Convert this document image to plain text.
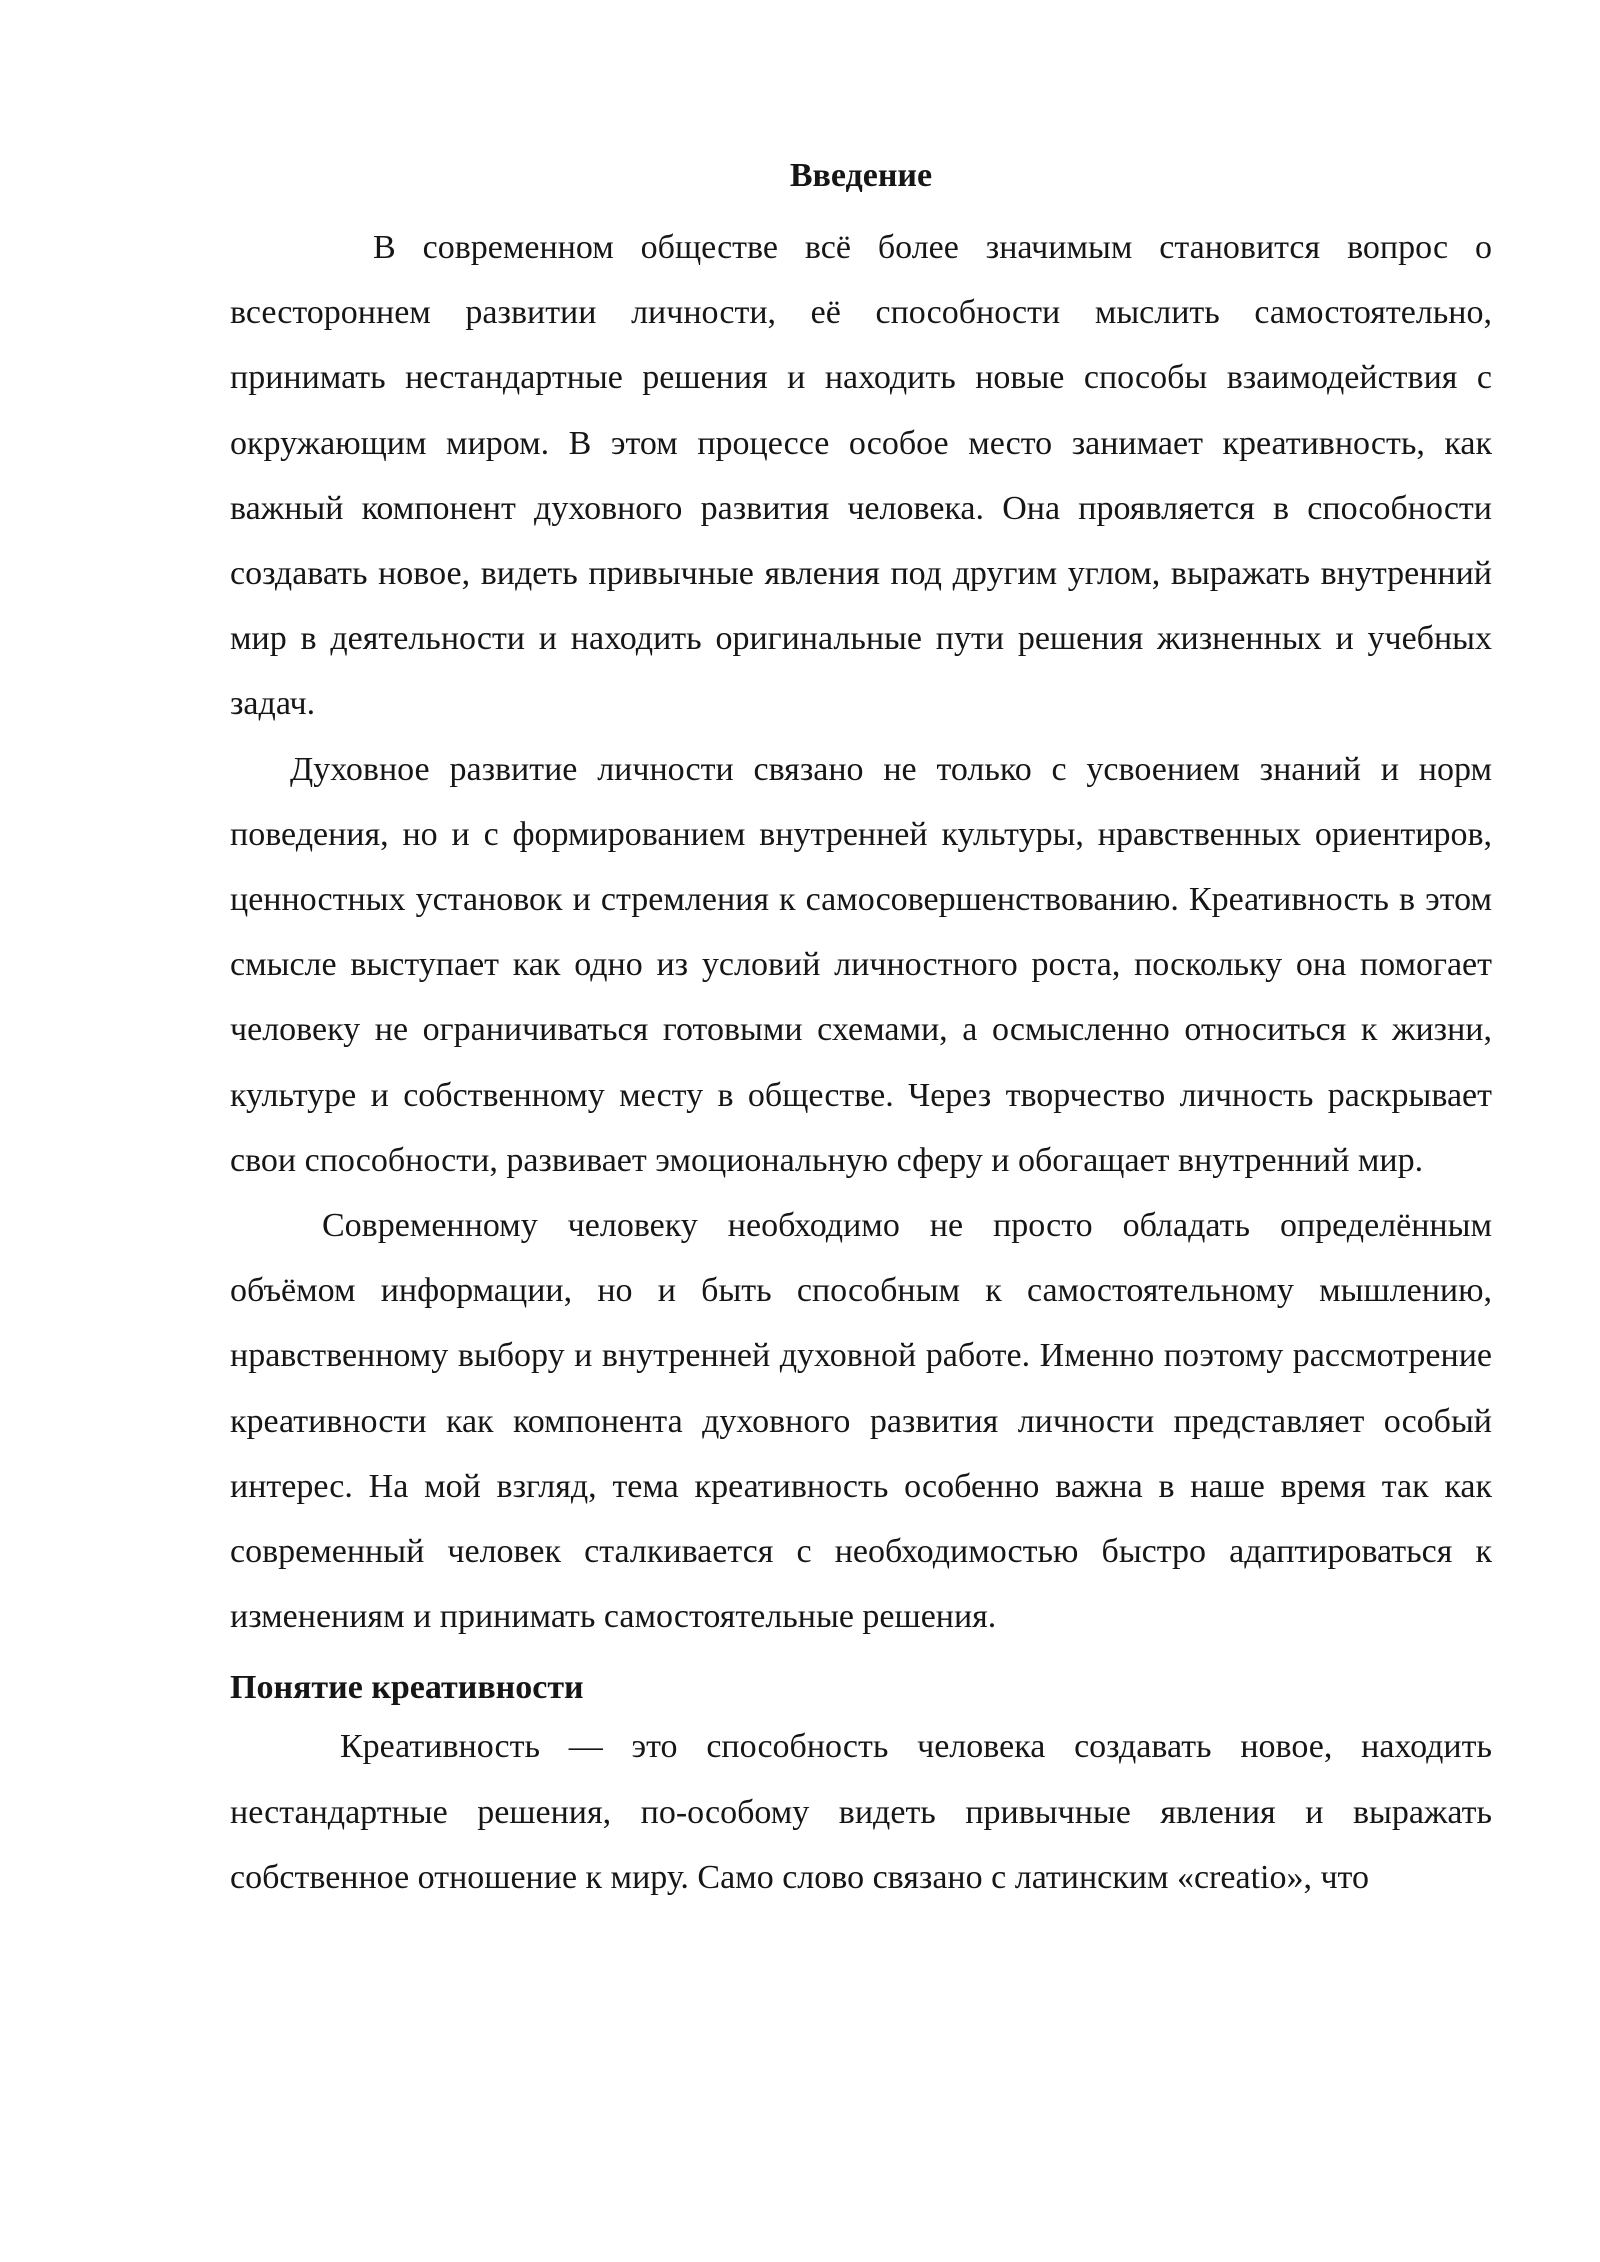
Введение

В современном обществе всё более значимым становится вопрос о всестороннем развитии личности, её способности мыслить самостоятельно, принимать нестандартные решения и находить новые способы взаимодействия с окружающим миром. В этом процессе особое место занимает креативность, как важный компонент духовного развития человека. Она проявляется в способности создавать новое, видеть привычные явления под другим углом, выражать внутренний мир в деятельности и находить оригинальные пути решения жизненных и учебных задач.

Духовное развитие личности связано не только с усвоением знаний и норм поведения, но и с формированием внутренней культуры, нравственных ориентиров, ценностных установок и стремления к самосовершенствованию. Креативность в этом смысле выступает как одно из условий личностного роста, поскольку она помогает человеку не ограничиваться готовыми схемами, а осмысленно относиться к жизни, культуре и собственному месту в обществе. Через творчество личность раскрывает свои способности, развивает эмоциональную сферу и обогащает внутренний мир.

Современному человеку необходимо не просто обладать определённым объёмом информации, но и быть способным к самостоятельному мышлению, нравственному выбору и внутренней духовной работе. Именно поэтому рассмотрение креативности как компонента духовного развития личности представляет особый интерес. На мой взгляд, тема креативность особенно важна в наше время так как современный человек сталкивается с необходимостью быстро адаптироваться к изменениям и принимать самостоятельные решения.

Понятие креативности

Креативность — это способность человека создавать новое, находить нестандартные решения, по-особому видеть привычные явления и выражать собственное отношение к миру. Само слово связано с латинским «creatio», что
